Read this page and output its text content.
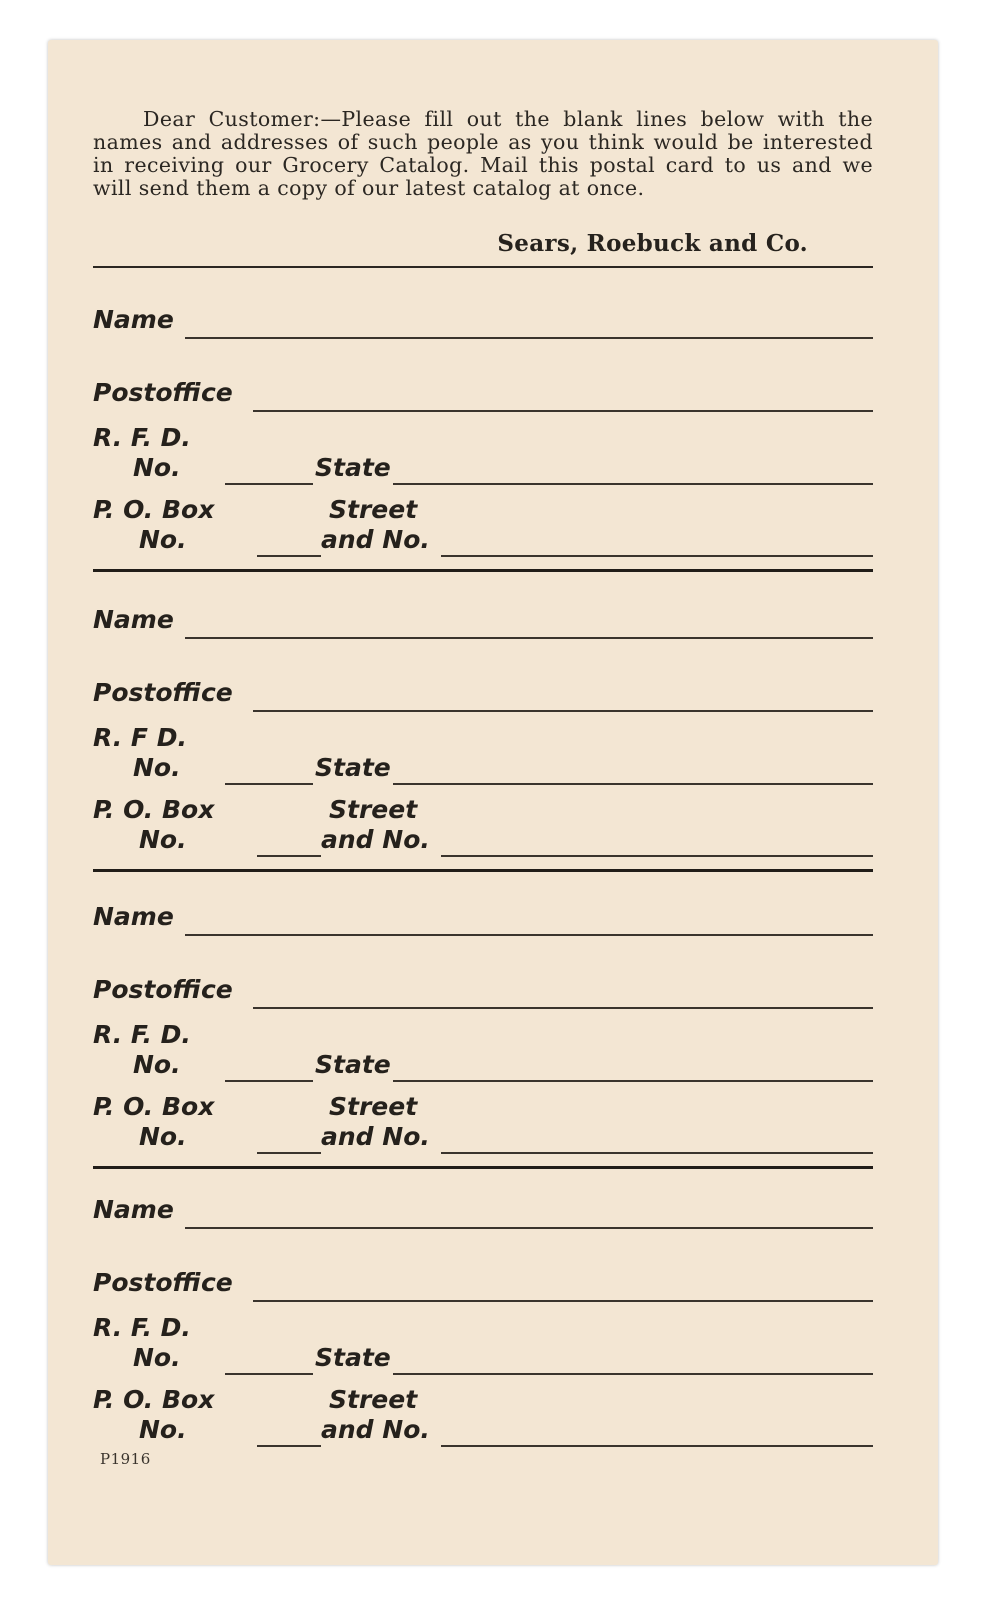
Dear Customer:—Please fill out the blank lines below with the names and addresses of such people as you think would be interested in receiving our Grocery Catalog. Mail this postal card to us and we will send them a copy of our latest catalog at once.

Sears, Roebuck and Co.
Name
Postoffice
R. F. D.
No.	State
P. O. Box
No.
Street
and No.
Name
Postoffice
R. F D.
No.	State
P. O. Box
No.
Street
and No.
Name
Postoffice
R. F. D.
No.	State
P. O. Box
No.
Street
and No.
Name
Postoffice
R. F. D.
No.	State
P. O. Box
No.
Street
and No.
P1916
